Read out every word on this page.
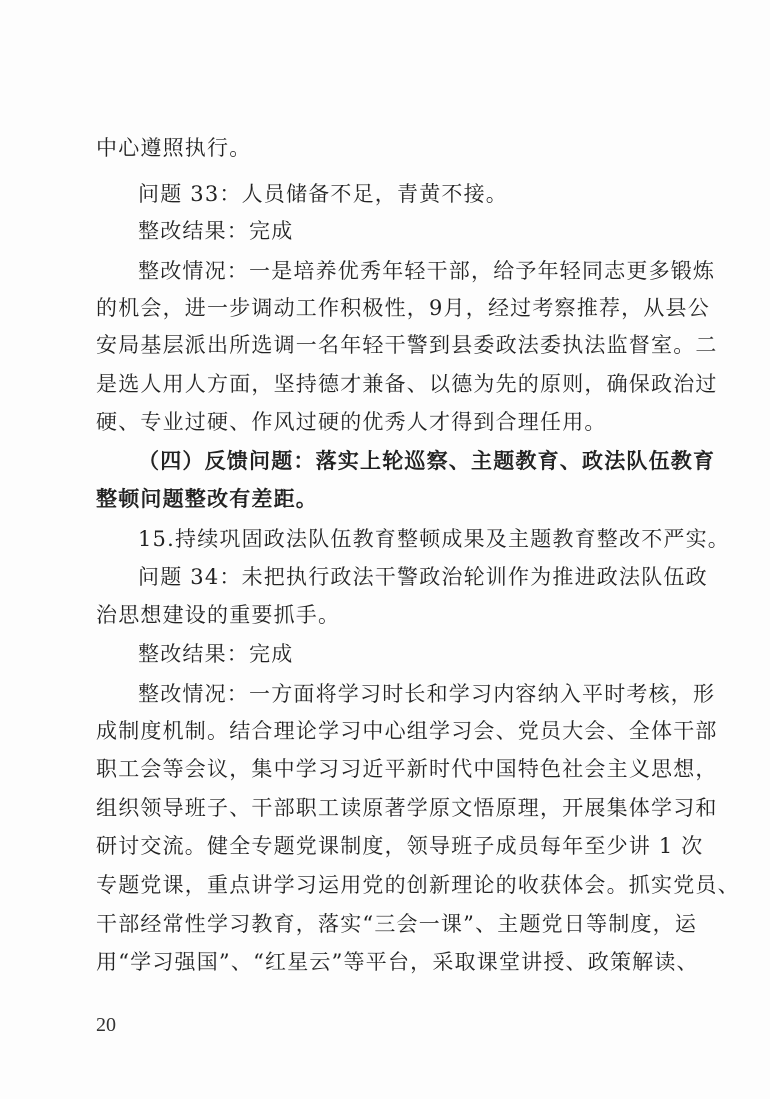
中心遵照执行。
问题 33：人员储备不足，青黄不接。
整改结果：完成
整改情况：一是培养优秀年轻干部，给予年轻同志更多锻炼
的机会，进一步调动工作积极性，9月，经过考察推荐，从县公
安局基层派出所选调一名年轻干警到县委政法委执法监督室。二
是选人用人方面，坚持德才兼备、以德为先的原则，确保政治过
硬、专业过硬、作风过硬的优秀人才得到合理任用。
（四）反馈问题：落实上轮巡察、主题教育、政法队伍教育
整顿问题整改有差距。
15.持续巩固政法队伍教育整顿成果及主题教育整改不严实。
问题 34：未把执行政法干警政治轮训作为推进政法队伍政
治思想建设的重要抓手。
整改结果：完成
整改情况：一方面将学习时长和学习内容纳入平时考核，形
成制度机制。结合理论学习中心组学习会、党员大会、全体干部
职工会等会议，集中学习习近平新时代中国特色社会主义思想，
组织领导班子、干部职工读原著学原文悟原理，开展集体学习和
研讨交流。健全专题党课制度，领导班子成员每年至少讲 1 次
专题党课，重点讲学习运用党的创新理论的收获体会。抓实党员、
干部经常性学习教育，落实“三会一课”、主题党日等制度，运
用“学习强国”、“红星云”等平台，采取课堂讲授、政策解读、
20
